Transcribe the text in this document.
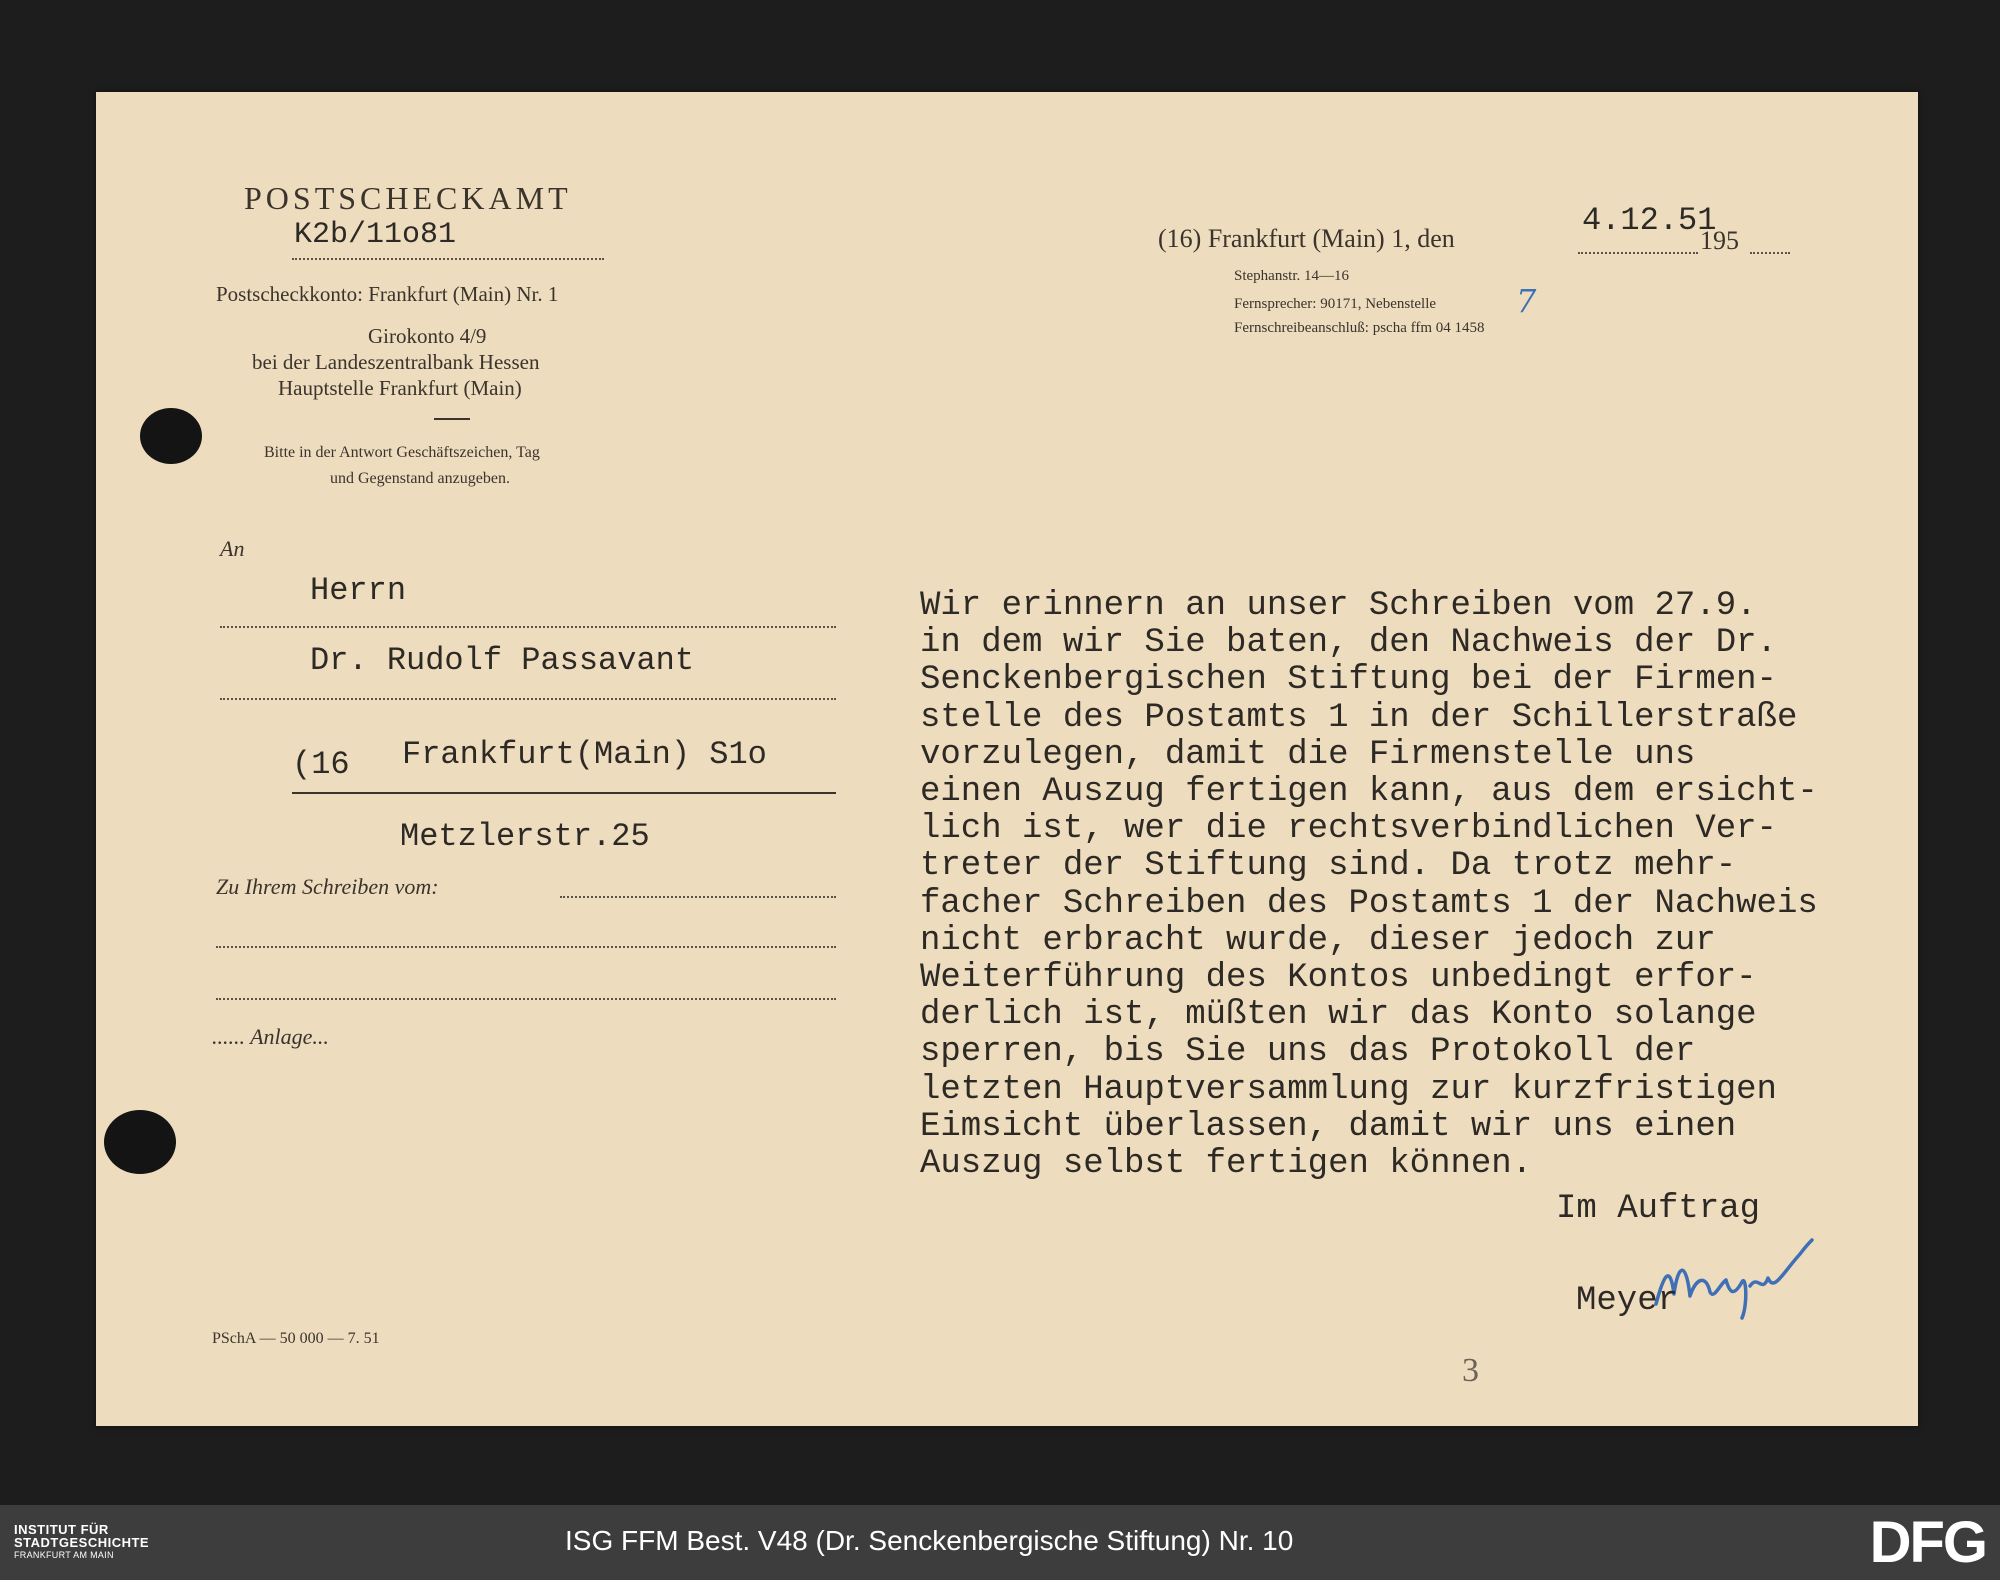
POSTSCHECKAMT
K2b/11o81
Postscheckkonto: Frankfurt (Main) Nr. 1
Girokonto 4/9
bei der Landeszentralbank Hessen
Hauptstelle Frankfurt (Main)
Bitte in der Antwort Geschäftszeichen, Tag
und Gegenstand anzugeben.
(16) Frankfurt (Main) 1, den	4.12.51
195
Stephanstr. 14—16
Fernsprecher: 90171, Nebenstelle 7
Fernschreibeanschluß: pscha ffm 04 1458
An
Herrn
Dr. Rudolf Passavant
(16 Frankfurt(Main) S1o
Metzlerstr.25
Zu Ihrem Schreiben vom:
...... Anlage...
PSchA — 50 000 — 7. 51
3
Wir erinnern an unser Schreiben vom 27.9.
in dem wir Sie baten, den Nachweis der Dr.
Senckenbergischen Stiftung bei der Firmen-
stelle des Postamts 1 in der Schillerstraße
vorzulegen, damit die Firmenstelle uns
einen Auszug fertigen kann, aus dem ersicht-
lich ist, wer die rechtsverbindlichen Ver-
treter der Stiftung sind. Da trotz mehr-
facher Schreiben des Postamts 1 der Nachweis
nicht erbracht wurde, dieser jedoch zur
Weiterführung des Kontos unbedingt erfor-
derlich ist, müßten wir das Konto solange
sperren, bis Sie uns das Protokoll der
letzten Hauptversammlung zur kurzfristigen
Eimsicht überlassen, damit wir uns einen
Auszug selbst fertigen können.
Im Auftrag
Meyer
INSTITUT FÜR
STADTGESCHICHTE
FRANKFURT AM MAIN	ISG FFM Best. V48 (Dr. Senckenbergische Stiftung) Nr. 10	DFG
